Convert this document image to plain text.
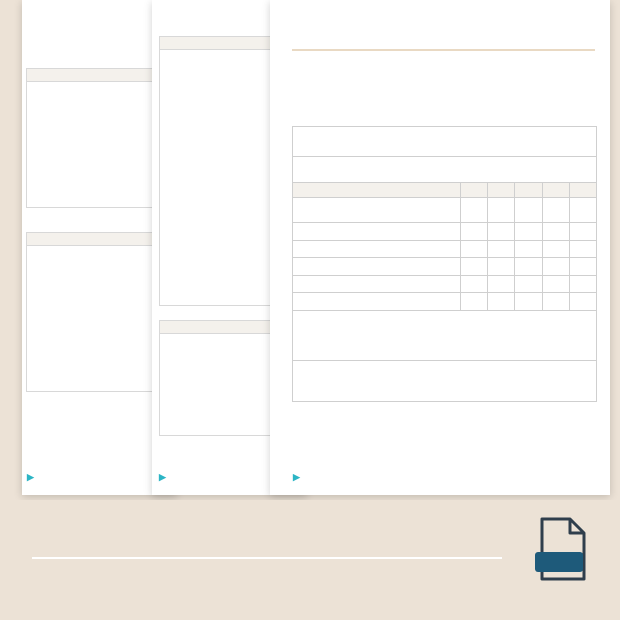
▶	▶	▶
